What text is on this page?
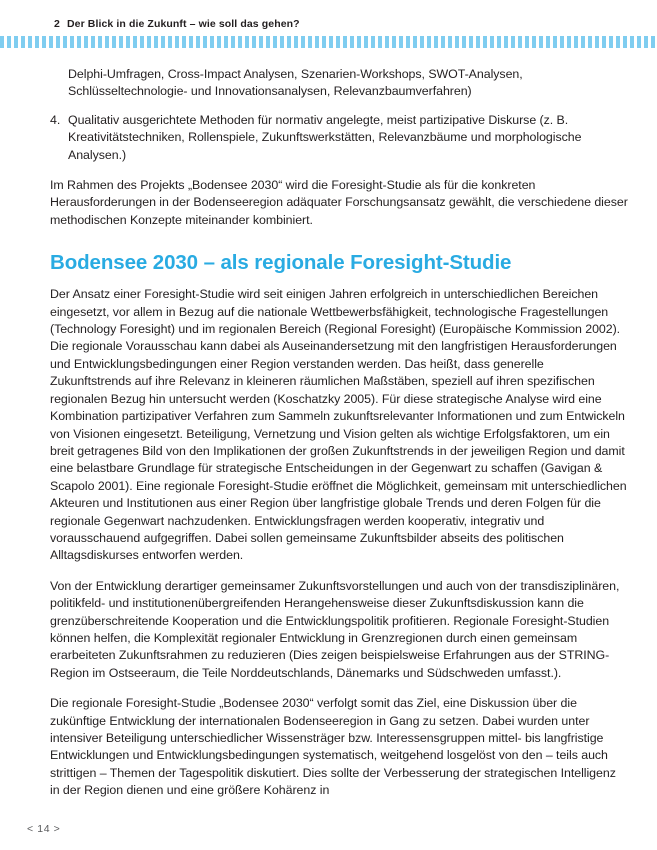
2 Der Blick in die Zukunft – wie soll das gehen?
Delphi-Umfragen, Cross-Impact Analysen, Szenarien-Workshops, SWOT-Analysen, Schlüsseltechnologie- und Innovationsanalysen, Relevanzbaumverfahren)
4. Qualitativ ausgerichtete Methoden für normativ angelegte, meist partizipative Diskurse (z. B. Kreativitätstechniken, Rollenspiele, Zukunftswerkstätten, Relevanzbäume und morphologische Analysen.)

Im Rahmen des Projekts „Bodensee 2030“ wird die Foresight-Studie als für die konkreten Herausforderungen in der Bodenseeregion adäquater Forschungsansatz gewählt, die verschiedene dieser methodischen Konzepte miteinander kombiniert.

Bodensee 2030 – als regionale Foresight-Studie

Der Ansatz einer Foresight-Studie wird seit einigen Jahren erfolgreich in unterschiedlichen Bereichen eingesetzt, vor allem in Bezug auf die nationale Wettbewerbsfähigkeit, technologische Fragestellungen (Technology Foresight) und im regionalen Bereich (Regional Foresight) (Europäische Kommission 2002). Die regionale Vorausschau kann dabei als Auseinandersetzung mit den langfristigen Herausforderungen und Entwicklungsbedingungen einer Region verstanden werden. Das heißt, dass generelle Zukunftstrends auf ihre Relevanz in kleineren räumlichen Maßstäben, speziell auf ihren spezifischen regionalen Bezug hin untersucht werden (Koschatzky 2005). Für diese strategische Analyse wird eine Kombination partizipativer Verfahren zum Sammeln zukunftsrelevanter Informationen und zum Entwickeln von Visionen eingesetzt. Beteiligung, Vernetzung und Vision gelten als wichtige Erfolgsfaktoren, um ein breit getragenes Bild von den Implikationen der großen Zukunftstrends in der jeweiligen Region und damit eine belastbare Grundlage für strategische Entscheidungen in der Gegenwart zu schaffen (Gavigan & Scapolo 2001). Eine regionale Foresight-Studie eröffnet die Möglichkeit, gemeinsam mit unterschiedlichen Akteuren und Institutionen aus einer Region über langfristige globale Trends und deren Folgen für die regionale Gegenwart nachzudenken. Entwicklungsfragen werden kooperativ, integrativ und vorausschauend aufgegriffen. Dabei sollen gemeinsame Zukunftsbilder abseits des politischen Alltagsdiskurses entworfen werden.

Von der Entwicklung derartiger gemeinsamer Zukunftsvorstellungen und auch von der transdisziplinären, politikfeld- und institutionenübergreifenden Herangehensweise dieser Zukunftsdiskussion kann die grenzüberschreitende Kooperation und die Entwicklungspolitik profitieren. Regionale Foresight-Studien können helfen, die Komplexität regionaler Entwicklung in Grenzregionen durch einen gemeinsam erarbeiteten Zukunftsrahmen zu reduzieren (Dies zeigen beispielsweise Erfahrungen aus der STRING-Region im Ostseeraum, die Teile Norddeutschlands, Dänemarks und Südschweden umfasst.).

Die regionale Foresight-Studie „Bodensee 2030“ verfolgt somit das Ziel, eine Diskussion über die zukünftige Entwicklung der internationalen Bodenseeregion in Gang zu setzen. Dabei wurden unter intensiver Beteiligung unterschiedlicher Wissensträger bzw. Interessensgruppen mittel- bis langfristige Entwicklungen und Entwicklungsbedingungen systematisch, weitgehend losgelöst von den – teils auch strittigen – Themen der Tagespolitik diskutiert. Dies sollte der Verbesserung der strategischen Intelligenz in der Region dienen und eine größere Kohärenz in

< 14 >
